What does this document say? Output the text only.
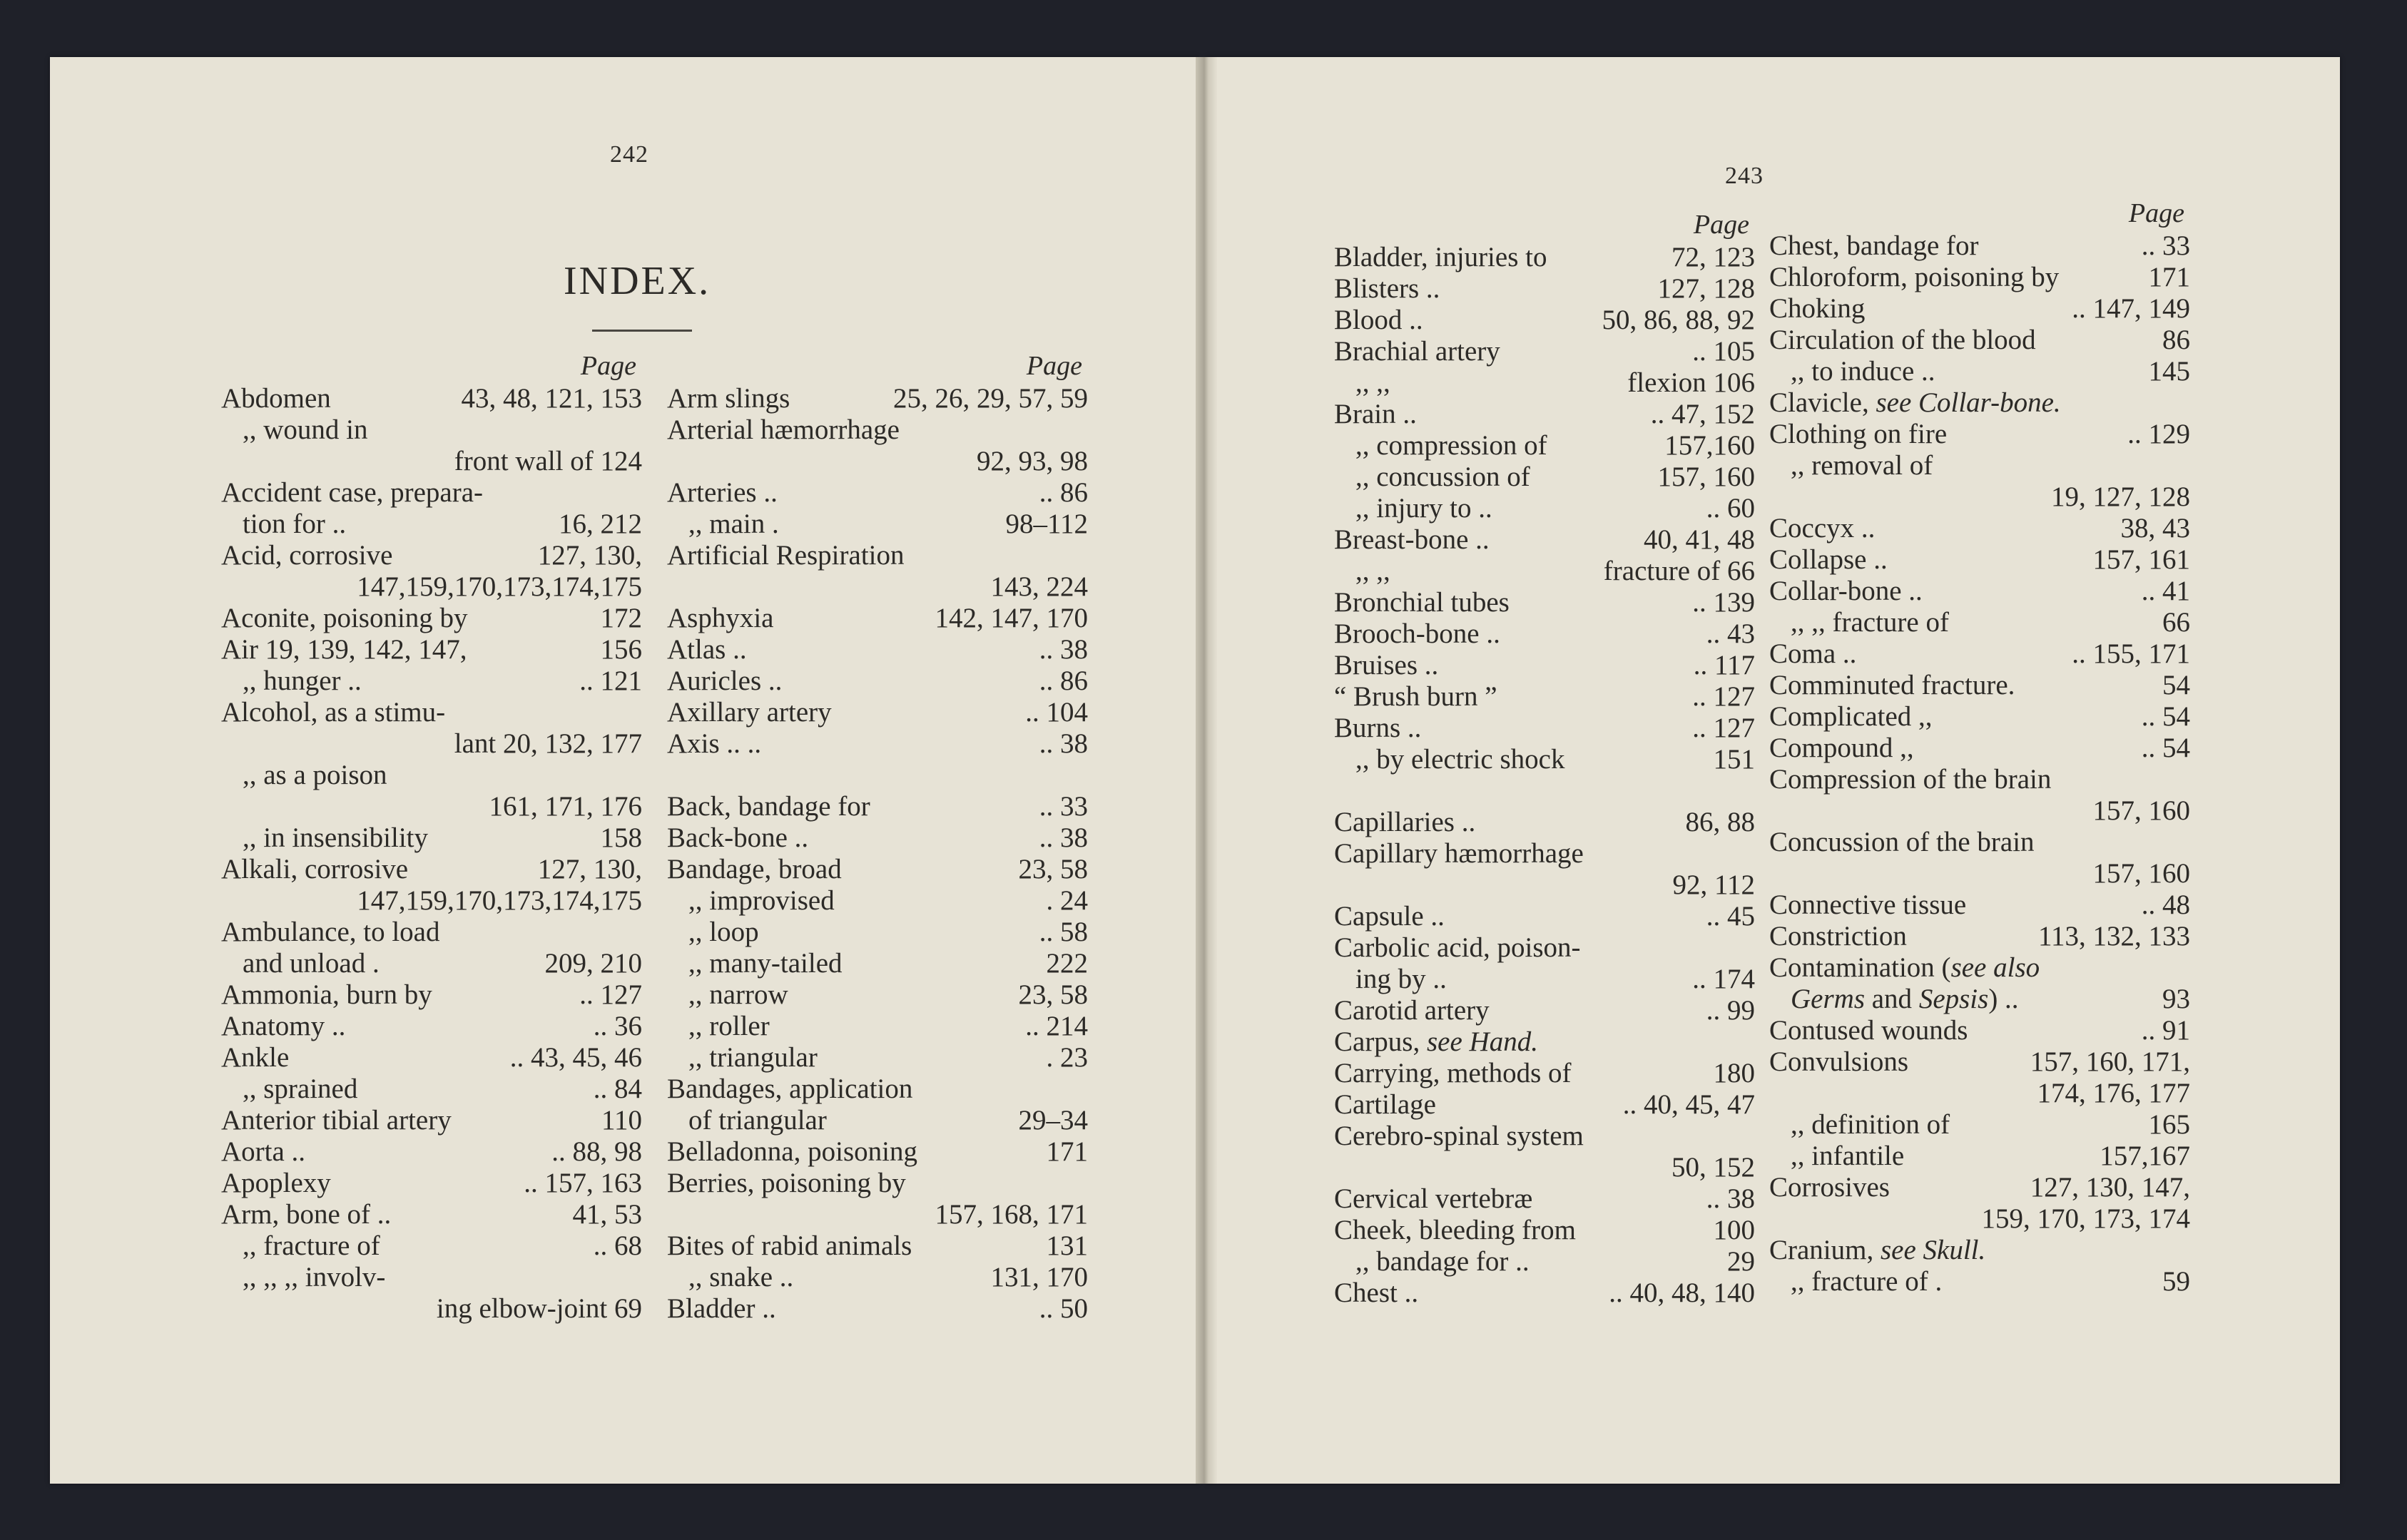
242
243
INDEX.
Page
Abdomen	43, 48, 121, 153
,, wound in
front wall of 124
Accident case, prepara-
tion for ..	16, 212
Acid, corrosive	127, 130,
147,159,170,173,174,175
Aconite, poisoning by	172
Air 19, 139, 142, 147,	156
,, hunger ..	.. 121
Alcohol, as a stimu-
lant 20, 132, 177
,, as a poison
161, 171, 176
,, in insensibility	158
Alkali, corrosive	127, 130,
147,159,170,173,174,175
Ambulance, to load
and unload .	209, 210
Ammonia, burn by	.. 127
Anatomy ..	.. 36
Ankle	.. 43, 45, 46
,, sprained	.. 84
Anterior tibial artery	110
Aorta ..	.. 88, 98
Apoplexy	.. 157, 163
Arm, bone of ..	41, 53
,, fracture of	.. 68
,, ,, ,, involv-
ing elbow-joint 69
Page
Arm slings	25, 26, 29, 57, 59
Arterial hæmorrhage
92, 93, 98
Arteries ..	.. 86
,, main .	98–112
Artificial Respiration
143, 224
Asphyxia	142, 147, 170
Atlas ..	.. 38
Auricles ..	.. 86
Axillary artery	.. 104
Axis .. ..	.. 38
Back, bandage for	.. 33
Back-bone ..	.. 38
Bandage, broad	23, 58
,, improvised	. 24
,, loop	.. 58
,, many-tailed	222
,, narrow	23, 58
,, roller	.. 214
,, triangular	. 23
Bandages, application
of triangular	29–34
Belladonna, poisoning	171
Berries, poisoning by
157, 168, 171
Bites of rabid animals	131
,, snake ..	131, 170
Bladder ..	.. 50
Page
Bladder, injuries to	72, 123
Blisters ..	127, 128
Blood ..	50, 86, 88, 92
Brachial artery	.. 105
,, ,,	flexion 106
Brain ..	.. 47, 152
,, compression of	157,160
,, concussion of	157, 160
,, injury to ..	.. 60
Breast-bone ..	40, 41, 48
,, ,,	fracture of 66
Bronchial tubes	.. 139
Brooch-bone ..	.. 43
Bruises ..	.. 117
“ Brush burn ”	.. 127
Burns ..	.. 127
,, by electric shock	151
Capillaries ..	86, 88
Capillary hæmorrhage
92, 112
Capsule ..	.. 45
Carbolic acid, poison-
ing by ..	.. 174
Carotid artery	.. 99
Carpus, see Hand.
Carrying, methods of	180
Cartilage	.. 40, 45, 47
Cerebro-spinal system
50, 152
Cervical vertebræ	.. 38
Cheek, bleeding from	100
,, bandage for ..	29
Chest ..	.. 40, 48, 140
Page
Chest, bandage for	.. 33
Chloroform, poisoning by	171
Choking	.. 147, 149
Circulation of the blood	86
,, to induce ..	145
Clavicle, see Collar-bone.
Clothing on fire	.. 129
,, removal of
19, 127, 128
Coccyx ..	38, 43
Collapse ..	157, 161
Collar-bone ..	.. 41
,, ,, fracture of	66
Coma ..	.. 155, 171
Comminuted fracture.	54
Complicated ,,	.. 54
Compound ,,	.. 54
Compression of the brain
157, 160
Concussion of the brain
157, 160
Connective tissue	.. 48
Constriction	113, 132, 133
Contamination (see also
Germs and Sepsis) ..	93
Contused wounds	.. 91
Convulsions	157, 160, 171,
174, 176, 177
,, definition of	165
,, infantile	157,167
Corrosives	127, 130, 147,
159, 170, 173, 174
Cranium, see Skull.
,, fracture of .	59
